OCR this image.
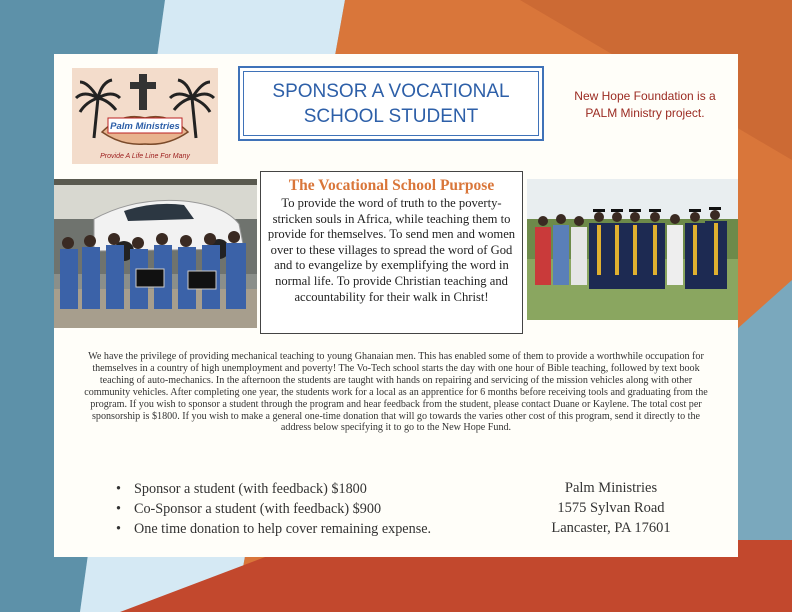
Palm Ministries
Provide A Life Line For Many
SPONSOR A VOCATIONAL SCHOOL STUDENT
New Hope Foundation is a PALM Ministry project.
The Vocational School Purpose
To provide the word of truth to the poverty-stricken souls in Africa, while teaching them to provide for themselves. To send men and women over to these villages to spread the word of God and to evangelize by exemplifying the word in normal life. To provide Christian teaching and accountability for their walk in Christ!
We have the privilege of providing mechanical teaching to young Ghanaian men. This has enabled some of them to provide a worthwhile occupation for themselves in a country of high unemployment and poverty! The Vo-Tech school starts the day with one hour of Bible teaching, followed by text book teaching of auto-mechanics. In the afternoon the students are taught with hands on repairing and servicing of the mission vehicles along with other community vehicles. After completing one year, the students work for a local as an apprentice for 6 months before receiving tools and graduating from the program. If you wish to sponsor a student through the program and hear feedback from the student, please contact Duane or Kaylene. The total cost per sponsorship is $1800. If you wish to make a general one-time donation that will go towards the varies other cost of this program, send it directly to the address below specifying it to go to the New Hope Fund.
• Sponsor a student (with feedback) $1800
• Co-Sponsor a student (with feedback) $900
• One time donation to help cover remaining expense.
Palm Ministries
1575 Sylvan Road
Lancaster, PA 17601
